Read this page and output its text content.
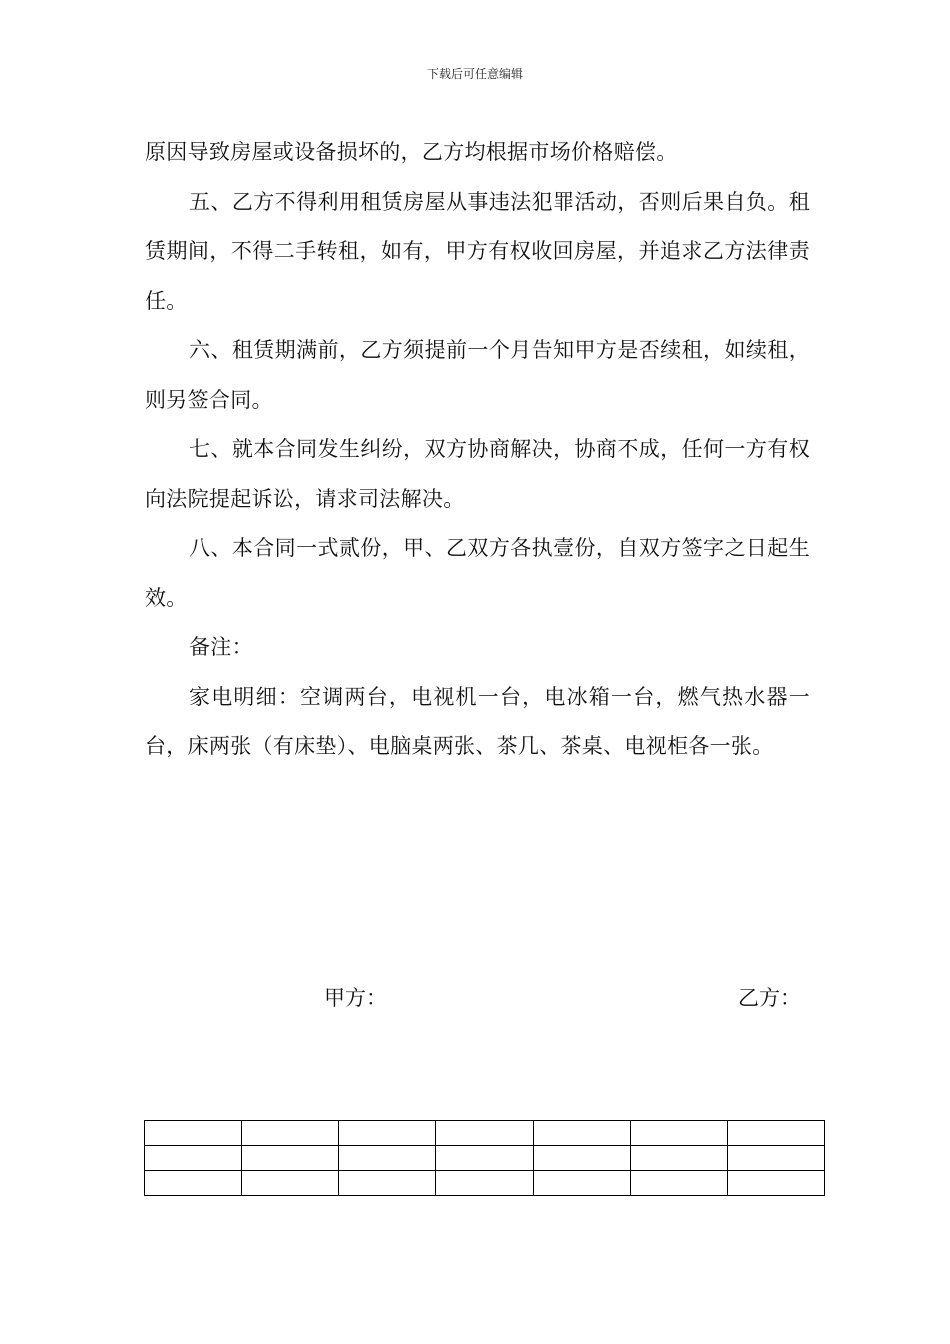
下载后可任意编辑

原因导致房屋或设备损坏的，乙方均根据市场价格赔偿。

五、乙方不得利用租赁房屋从事违法犯罪活动，否则后果自负。租赁期间，不得二手转租，如有，甲方有权收回房屋，并追求乙方法律责任。

六、租赁期满前，乙方须提前一个月告知甲方是否续租，如续租，则另签合同。

七、就本合同发生纠纷，双方协商解决，协商不成，任何一方有权向法院提起诉讼，请求司法解决。

八、本合同一式贰份，甲、乙双方各执壹份，自双方签字之日起生效。

备注：

家电明细：空调两台，电视机一台，电冰箱一台，燃气热水器一台，床两张（有床垫）、电脑桌两张、茶几、茶桌、电视柜各一张。

甲方：	乙方：
